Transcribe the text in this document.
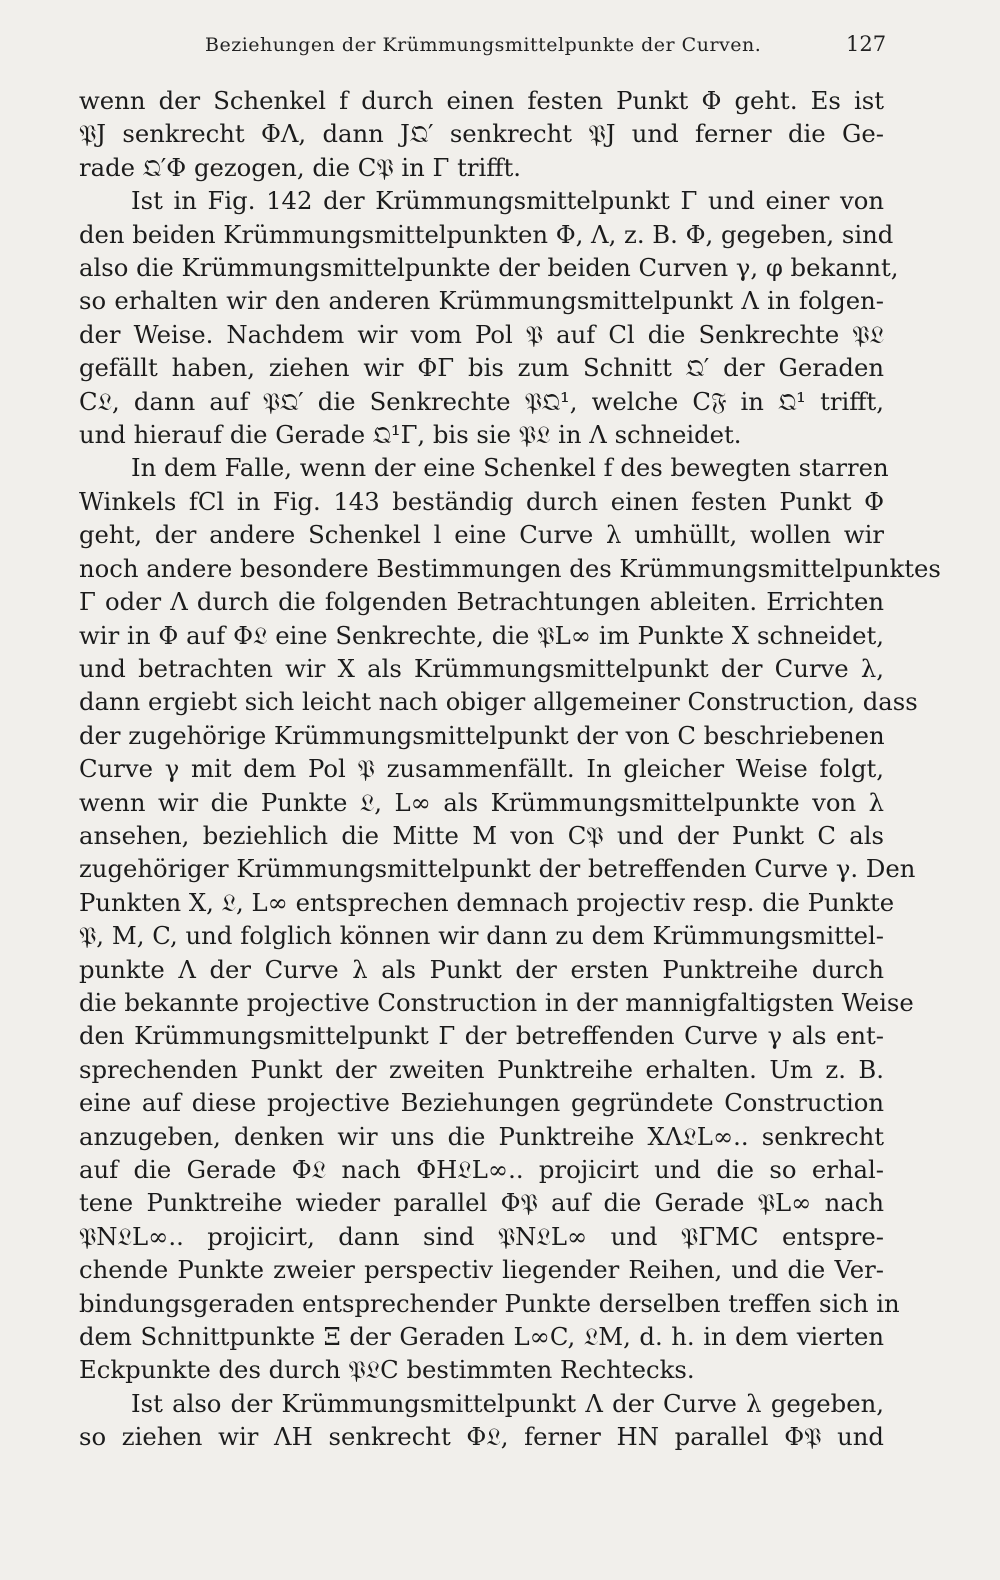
Beziehungen der Krümmungsmittelpunkte der Curven.	127
wenn der Schenkel f durch einen festen Punkt Φ geht. Es ist
𝔓J senkrecht ΦΛ, dann J𝔔′ senkrecht 𝔓J und ferner die Ge-
rade 𝔔′Φ gezogen, die C𝔓 in Γ trifft.
Ist in Fig. 142 der Krümmungsmittelpunkt Γ und einer von
den beiden Krümmungsmittelpunkten Φ, Λ, z. B. Φ, gegeben, sind
also die Krümmungsmittelpunkte der beiden Curven γ, φ bekannt,
so erhalten wir den anderen Krümmungsmittelpunkt Λ in folgen-
der Weise. Nachdem wir vom Pol 𝔓 auf Cl die Senkrechte 𝔓𝔏
gefällt haben, ziehen wir ΦΓ bis zum Schnitt 𝔔′ der Geraden
C𝔏, dann auf 𝔓𝔔′ die Senkrechte 𝔓𝔔¹, welche C𝔉 in 𝔔¹ trifft,
und hierauf die Gerade 𝔔¹Γ, bis sie 𝔓𝔏 in Λ schneidet.
In dem Falle, wenn der eine Schenkel f des bewegten starren
Winkels fCl in Fig. 143 beständig durch einen festen Punkt Φ
geht, der andere Schenkel l eine Curve λ umhüllt, wollen wir
noch andere besondere Bestimmungen des Krümmungsmittelpunktes
Γ oder Λ durch die folgenden Betrachtungen ableiten. Errichten
wir in Φ auf Φ𝔏 eine Senkrechte, die 𝔓L∞ im Punkte X schneidet,
und betrachten wir X als Krümmungsmittelpunkt der Curve λ,
dann ergiebt sich leicht nach obiger allgemeiner Construction, dass
der zugehörige Krümmungsmittelpunkt der von C beschriebenen
Curve γ mit dem Pol 𝔓 zusammenfällt. In gleicher Weise folgt,
wenn wir die Punkte 𝔏, L∞ als Krümmungsmittelpunkte von λ
ansehen, beziehlich die Mitte M von C𝔓 und der Punkt C als
zugehöriger Krümmungsmittelpunkt der betreffenden Curve γ. Den
Punkten X, 𝔏, L∞ entsprechen demnach projectiv resp. die Punkte
𝔓, M, C, und folglich können wir dann zu dem Krümmungsmittel-
punkte Λ der Curve λ als Punkt der ersten Punktreihe durch
die bekannte projective Construction in der mannigfaltigsten Weise
den Krümmungsmittelpunkt Γ der betreffenden Curve γ als ent-
sprechenden Punkt der zweiten Punktreihe erhalten. Um z. B.
eine auf diese projective Beziehungen gegründete Construction
anzugeben, denken wir uns die Punktreihe XΛ𝔏L∞.. senkrecht
auf die Gerade Φ𝔏 nach ΦH𝔏L∞.. projicirt und die so erhal-
tene Punktreihe wieder parallel Φ𝔓 auf die Gerade 𝔓L∞ nach
𝔓N𝔏L∞.. projicirt, dann sind 𝔓N𝔏L∞ und 𝔓ΓMC entspre-
chende Punkte zweier perspectiv liegender Reihen, und die Ver-
bindungsgeraden entsprechender Punkte derselben treffen sich in
dem Schnittpunkte Ξ der Geraden L∞C, 𝔏M, d. h. in dem vierten
Eckpunkte des durch 𝔓𝔏C bestimmten Rechtecks.
Ist also der Krümmungsmittelpunkt Λ der Curve λ gegeben,
so ziehen wir ΛH senkrecht Φ𝔏, ferner HN parallel Φ𝔓 und
